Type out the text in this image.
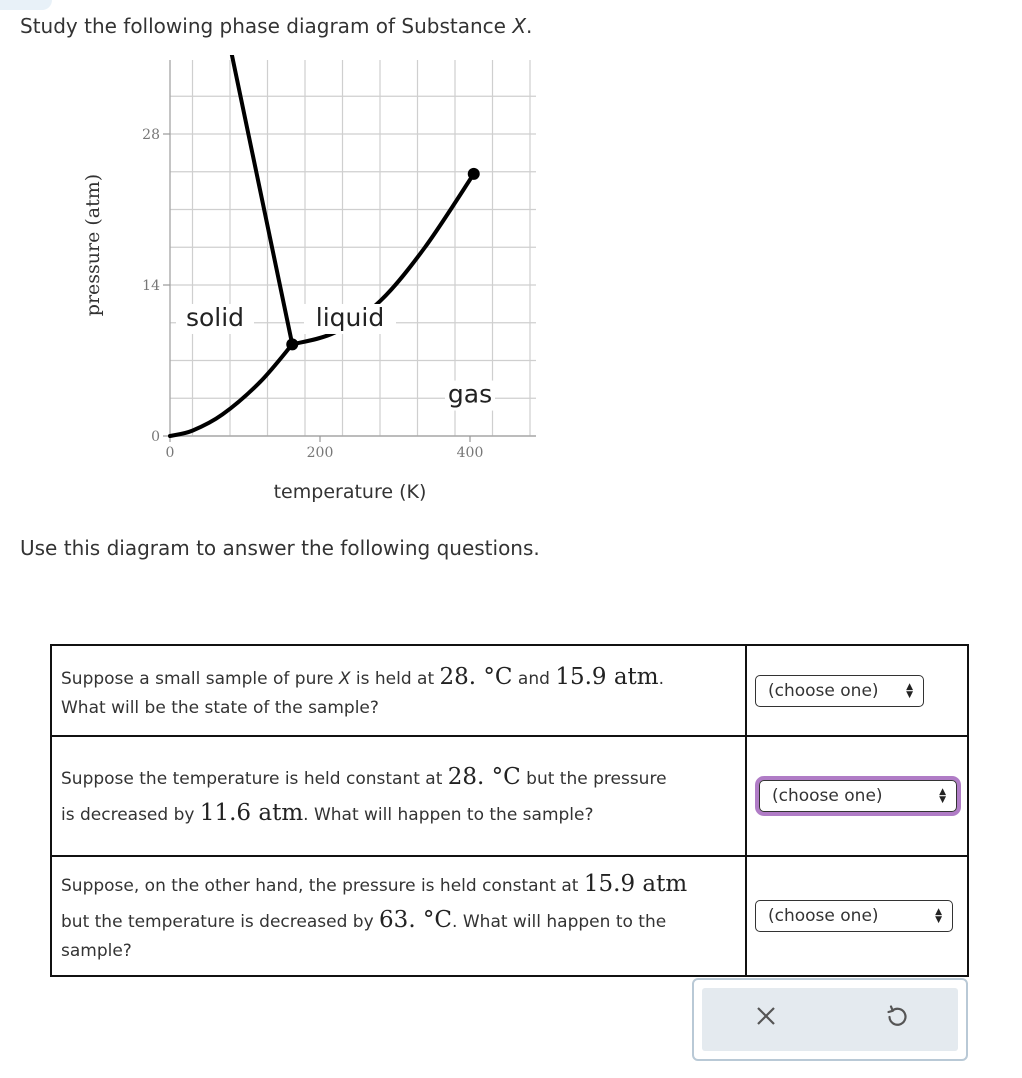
Study the following phase diagram of Substance X.
0
14
28
0	200	400
temperature (K)
pressure (atm)
solid	liquid
gas
Use this diagram to answer the following questions.
Suppose a small sample of pure X is held at 28. °C and 15.9 atm.
What will be the state of the sample?	(choose one) ▲
▼

Suppose the temperature is held constant at 28. °C but the pressure
is decreased by 11.6 atm. What will happen to the sample?	(choose one) ▲
▼

Suppose, on the other hand, the pressure is held constant at 15.9 atm
but the temperature is decreased by 63. °C. What will happen to the
sample?	(choose one) ▲
▼
